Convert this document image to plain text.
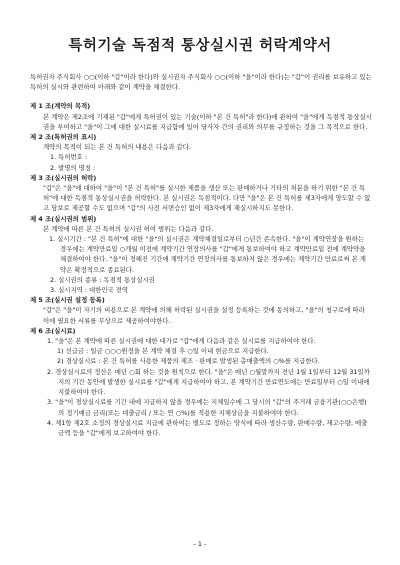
특허기술 독점적 통상실시권 허락계약서

특허권자 주식회사 ○○(이하 "갑"이라 한다)와 실시권자 주식회사 ○○(이하 "을"이라 한다)는 "갑"이 권리를 보유하고 있는 특허의 실시와 관련하여 아래와 같이 계약을 체결한다.

제 1 조(계약의 목적)

본 계약은 제2조에 기재된 "갑"에게 특허권이 있는 기술(이하 "본 건 특허"라 한다)에 관하여 "을"에게 독점적 통상실시권을 부여하고 "을"이 그에 대한 실시료를 지급함에 있어 당사자 간의 권리와 의무를 규정하는 것을 그 목적으로 한다.

제 2 조(특허권의 표시)

계약의 목적이 되는 본 건 특허의 내용은 다음과 같다.

1. 특허번호 :

2. 발명의 명칭 :

제 3 조(실시권의 허락)

"갑"은 "을"에 대하여 "을"이 "본 건 특허"를 실시한 제품을 생산 또는 판매하거나 기타의 처분을 하기 위한 "본 건 특허"에 대한 독점적 통상실시권을 허락한다. 본 실시권은 독점적이다. 다만 "을"은 본 건 특허를 제3자에게 양도할 수 없고 담보로 제공할 수도 없으며 "갑"의 사전 서면승인 없이 제3자에게 재실시하지도 못한다.

제 4 조(실시권의 범위)

본 계약에 따른 본 건 특허의 실시권 허여 범위는 다음과 같다.

1. 실시기간 : "본 건 특허"에 대한 "을"의 실시권은 계약체결일로부터 ○년간 존속한다. "을"이 계약연장을 원하는 경우에는 계약만료일 ○개월 이전에 계약기간 연장의사를 "갑"에게 통보하여야 하고 계약만료일 전에 계약약을 체결하여야 한다. "을"이 정해진 기간에 계약기간 연장의사를 통보하지 않은 경우에는 계약기간 만료로써 본 계약은 확정적으로 종료된다.

2. 실시권의 종류 : 독점적 통상실시권

3. 실시지역 : 대한민국 전역

제 5 조(실시권 설정 등록)

"갑"은 "을"이 자기의 비용으로 본 계약에 의해 허락된 실시권을 설정 등록하는 것에 동의하고, "을"의 청구로에 따라 이에 필요한 서류를 무상으로 제공하여야한다.

제 6 조(실시료)

1. "을"은 본 계약에 따른 실시권에 대한 대가로 "갑"에게 다음과 같은 실시료를 지급하여야 한다.

1) 선급금 : 일금 ○○○원정을 본 계약 체결 후 ○일 이내 현금으로 지급한다.

2) 경상실시료 : 본 건 특허를 사용한 제품의 제조 · 판매로 발생된 총매출액의 ○%를 지급한다.

2. 경상실시료의 정산은 매년 ○회 하는 것을 원칙으로 한다. "을"은 매년 ○월말까지 전년 1월 1일부터 12월 31일까지의 기간 동안에 발생한 실시료를 "갑"에게 지급하여야 하고, 본 계약기간 만료연도에는 만료일부터 ○일 이내에 지불하여야 한다.

3. "을"이 경상실시료를 기간 내에 지급하지 않을 경우에는 지체일수에 그 당시의 "갑"의 주거래 금융기관(○○은행)의 정기예금 금리(또는 대출금리 / 또는 연 ○%)를 적용한 지체상금을 지불하여야 한다.

4. 제1항 제2호 소정의 경상실시료 지급에 관하여는 별도로 정하는 양식에 따라 생산수량, 판매수량, 재고수량, 매출금액 등을 "갑"에게 보고하여야 한다.

- 1 -
